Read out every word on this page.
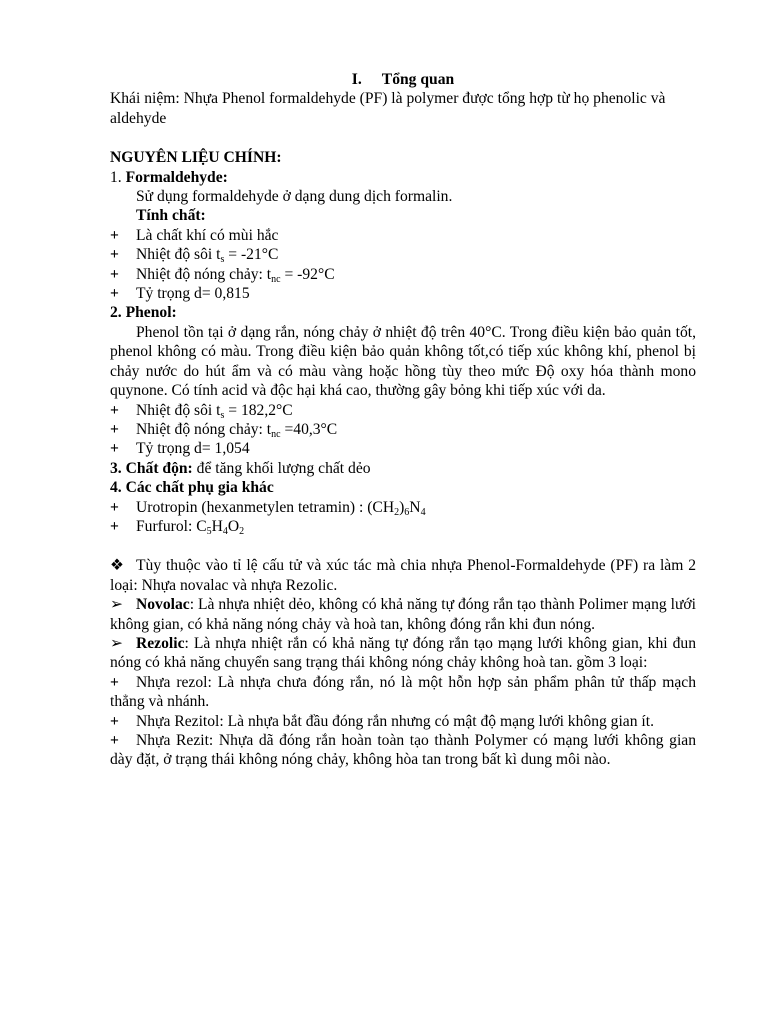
I. Tổng quan

Khái niệm: Nhựa Phenol formaldehyde (PF) là polymer được tổng hợp từ họ phenolic và aldehyde

NGUYÊN LIỆU CHÍNH:

1. Formaldehyde:

Sử dụng formaldehyde ở dạng dung dịch formalin.

Tính chất:

+	Là chất khí có mùi hắc
+	Nhiệt độ sôi $t_s = -21^\circ C$
+	Nhiệt độ nóng chảy: $t_{nc} = -92^\circ C$
+	Tỷ trọng d= 0,815

2. Phenol:

Phenol tồn tại ở dạng rắn, nóng chảy ở nhiệt độ trên 40°C. Trong điều kiện bảo quản tốt, phenol không có màu. Trong điều kiện bảo quản không tốt,có tiếp xúc không khí, phenol bị chảy nước do hút ẩm và có màu vàng hoặc hồng tùy theo mức Độ oxy hóa thành mono quynone. Có tính acid và độc hại khá cao, thường gây bỏng khi tiếp xúc với da.

+	Nhiệt độ sôi $t_s = 182,2^\circ C$
+	Nhiệt độ nóng chảy: $t_{nc} =40,3^\circ C$
+	Tỷ trọng d= 1,054

3. Chất độn: để tăng khối lượng chất dẻo

4. Các chất phụ gia khác

+	Urotropin (hexanmetylen tetramin) : $(CH_2)_6N_4$
+	Furfurol: $C_5H_4O_2$
❖ Tùy thuộc vào tỉ lệ cấu tử và xúc tác mà chia nhựa Phenol-Formaldehyde (PF) ra làm 2 loại: Nhựa novalac và nhựa Rezolic.

➢ Novolac: Là nhựa nhiệt dẻo, không có khả năng tự đóng rắn tạo thành Polimer mạng lưới không gian, có khả năng nóng chảy và hoà tan, không đóng rắn khi đun nóng.

➢ Rezolic: Là nhựa nhiệt rắn có khả năng tự đóng rắn tạo mạng lưới không gian, khi đun nóng có khả năng chuyển sang trạng thái không nóng chảy không hoà tan. gồm 3 loại:

+ Nhựa rezol: Là nhựa chưa đóng rắn, nó là một hỗn hợp sản phẩm phân tử thấp mạch thẳng và nhánh.

+ Nhựa Rezitol: Là nhựa bắt đầu đóng rắn nhưng có mật độ mạng lưới không gian ít.

+ Nhựa Rezit: Nhựa dã đóng rắn hoàn toàn tạo thành Polymer có mạng lưới không gian dày đặt, ở trạng thái không nóng chảy, không hòa tan trong bất kì dung môi nào.
